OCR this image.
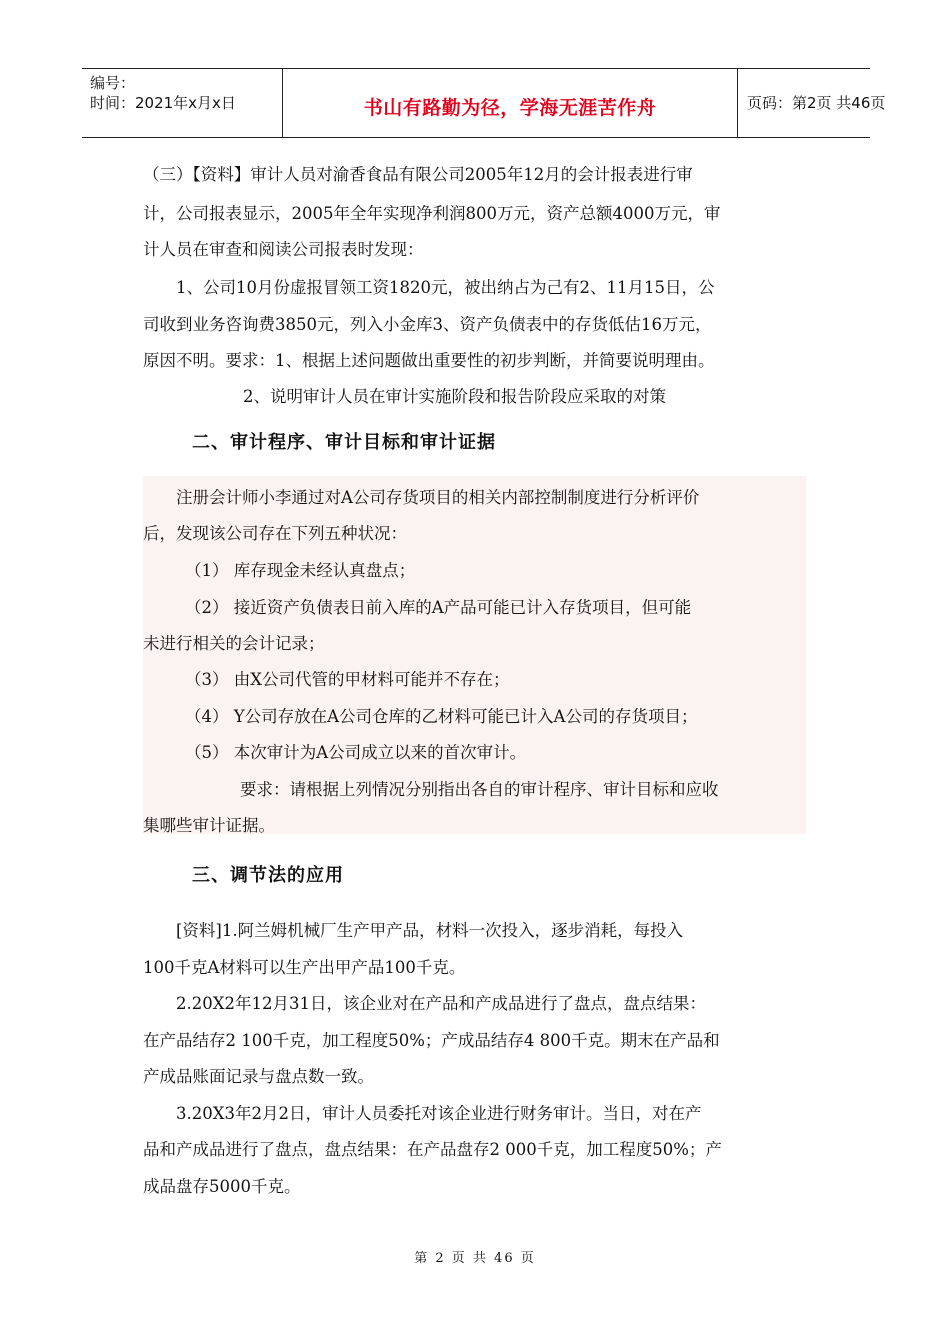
编号：
时间：2021年x月x日	书山有路勤为径，学海无涯苦作舟	页码：第2页 共46页

（三）【资料】审计人员对渝香食品有限公司2005年12月的会计报表进行审

计，公司报表显示，2005年全年实现净利润800万元，资产总额4000万元，审

计人员在审查和阅读公司报表时发现：

1、公司10月份虚报冒领工资1820元，被出纳占为己有2、11月15日，公

司收到业务咨询费3850元，列入小金库3、资产负债表中的存货低估16万元，

原因不明。要求：1、根据上述问题做出重要性的初步判断，并简要说明理由。

2、说明审计人员在审计实施阶段和报告阶段应采取的对策

二、审计程序、审计目标和审计证据

注册会计师小李通过对A公司存货项目的相关内部控制制度进行分析评价

后，发现该公司存在下列五种状况：

（1） 库存现金未经认真盘点；

（2） 接近资产负债表日前入库的A产品可能已计入存货项目，但可能

未进行相关的会计记录；

（3） 由X公司代管的甲材料可能并不存在；

（4） Y公司存放在A公司仓库的乙材料可能已计入A公司的存货项目；

（5） 本次审计为A公司成立以来的首次审计。

要求：请根据上列情况分别指出各自的审计程序、审计目标和应收

集哪些审计证据。

三、调节法的应用

[资料]1.阿兰姆机械厂生产甲产品，材料一次投入，逐步消耗，每投入

100千克A材料可以生产出甲产品100千克。

2.20X2年12月31日，该企业对在产品和产成品进行了盘点，盘点结果：

在产品结存2 100千克，加工程度50%；产成品结存4 800千克。期末在产品和

产成品账面记录与盘点数一致。

3.20X3年2月2日，审计人员委托对该企业进行财务审计。当日，对在产

品和产成品进行了盘点，盘点结果：在产品盘存2 000千克，加工程度50%；产

成品盘存5000千克。

第 2 页 共 46 页
